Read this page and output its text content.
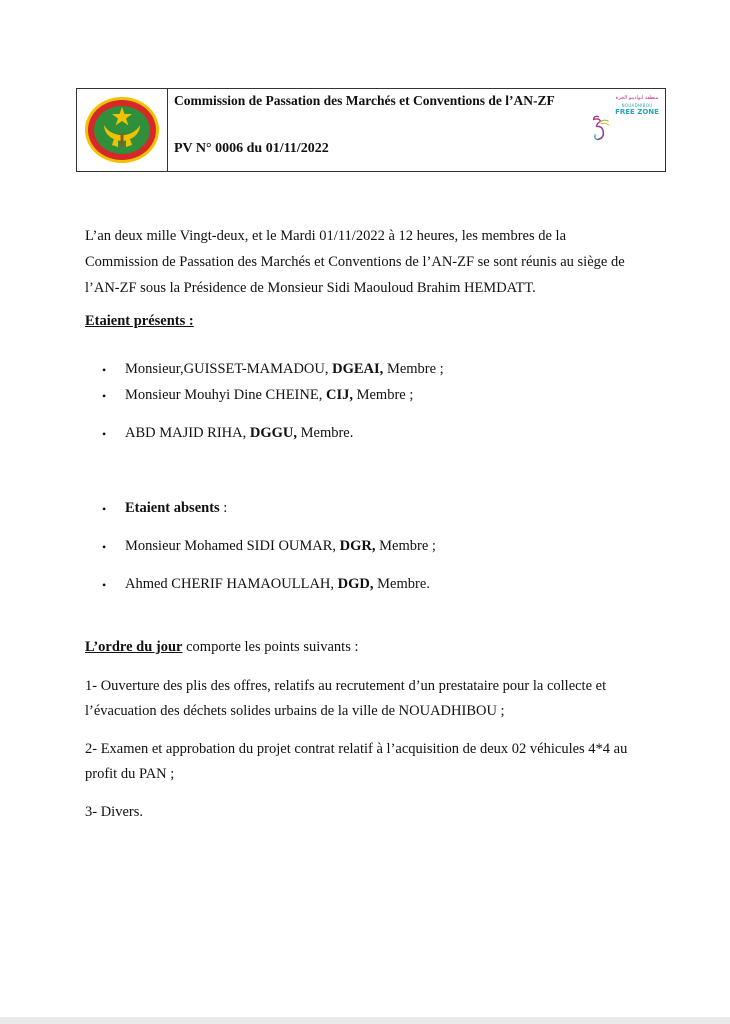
Commission de Passation des Marchés et Conventions de l’AN-ZF
PV N° 0006 du 01/11/2022
منطقة انواذيبو الحرة
NOUADHIBOU
FREE ZONE
L’an deux mille Vingt-deux, et le Mardi 01/11/2022 à 12 heures, les membres de la
Commission de Passation des Marchés et Conventions de l’AN-ZF se sont réunis au siège de
l’AN-ZF sous la Présidence de Monsieur Sidi Maouloud Brahim HEMDATT.
Etaient présents :
• Monsieur,GUISSET-MAMADOU, DGEAI, Membre ;
• Monsieur Mouhyi Dine CHEINE, CIJ, Membre ;
• ABD MAJID RIHA, DGGU, Membre.
• Etaient absents :
• Monsieur Mohamed SIDI OUMAR, DGR, Membre ;
• Ahmed CHERIF HAMAOULLAH, DGD, Membre.
L’ordre du jour comporte les points suivants :
1- Ouverture des plis des offres, relatifs au recrutement d’un prestataire pour la collecte et
l’évacuation des déchets solides urbains de la ville de NOUADHIBOU ;
2- Examen et approbation du projet contrat relatif à l’acquisition de deux 02 véhicules 4*4 au
profit du PAN ;
3- Divers.
